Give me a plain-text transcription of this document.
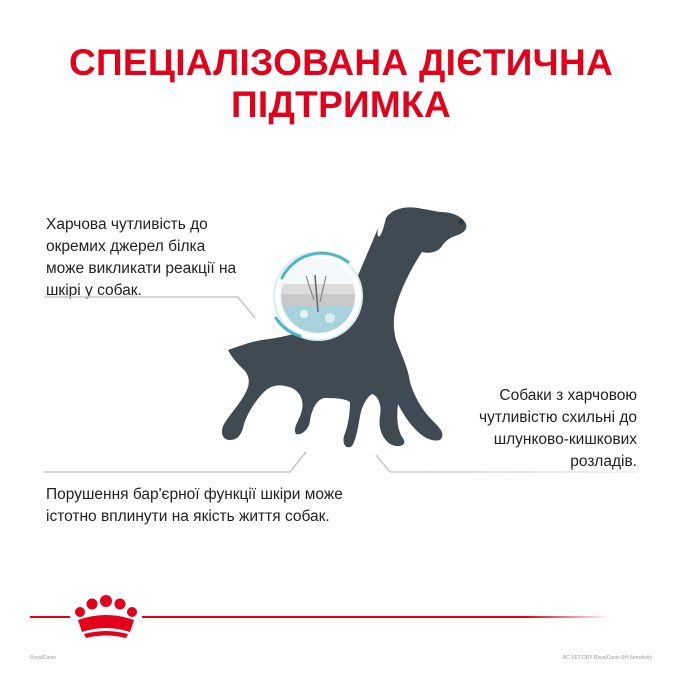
СПЕЦІАЛІЗОВАНА ДІЄТИЧНА
ПІДТРИМКА
Харчова чутливість до окремих джерел білка може викликати реакції на шкірі у собак.
Собаки з харчовою чутливістю схильні до шлунково-кишкових розладів.
Порушення бар'єрної функції шкіри може істотно вплинути на якість життя собак.
RoyalCanin	RC VET DRY RoyalCanin SH Sensitivity
